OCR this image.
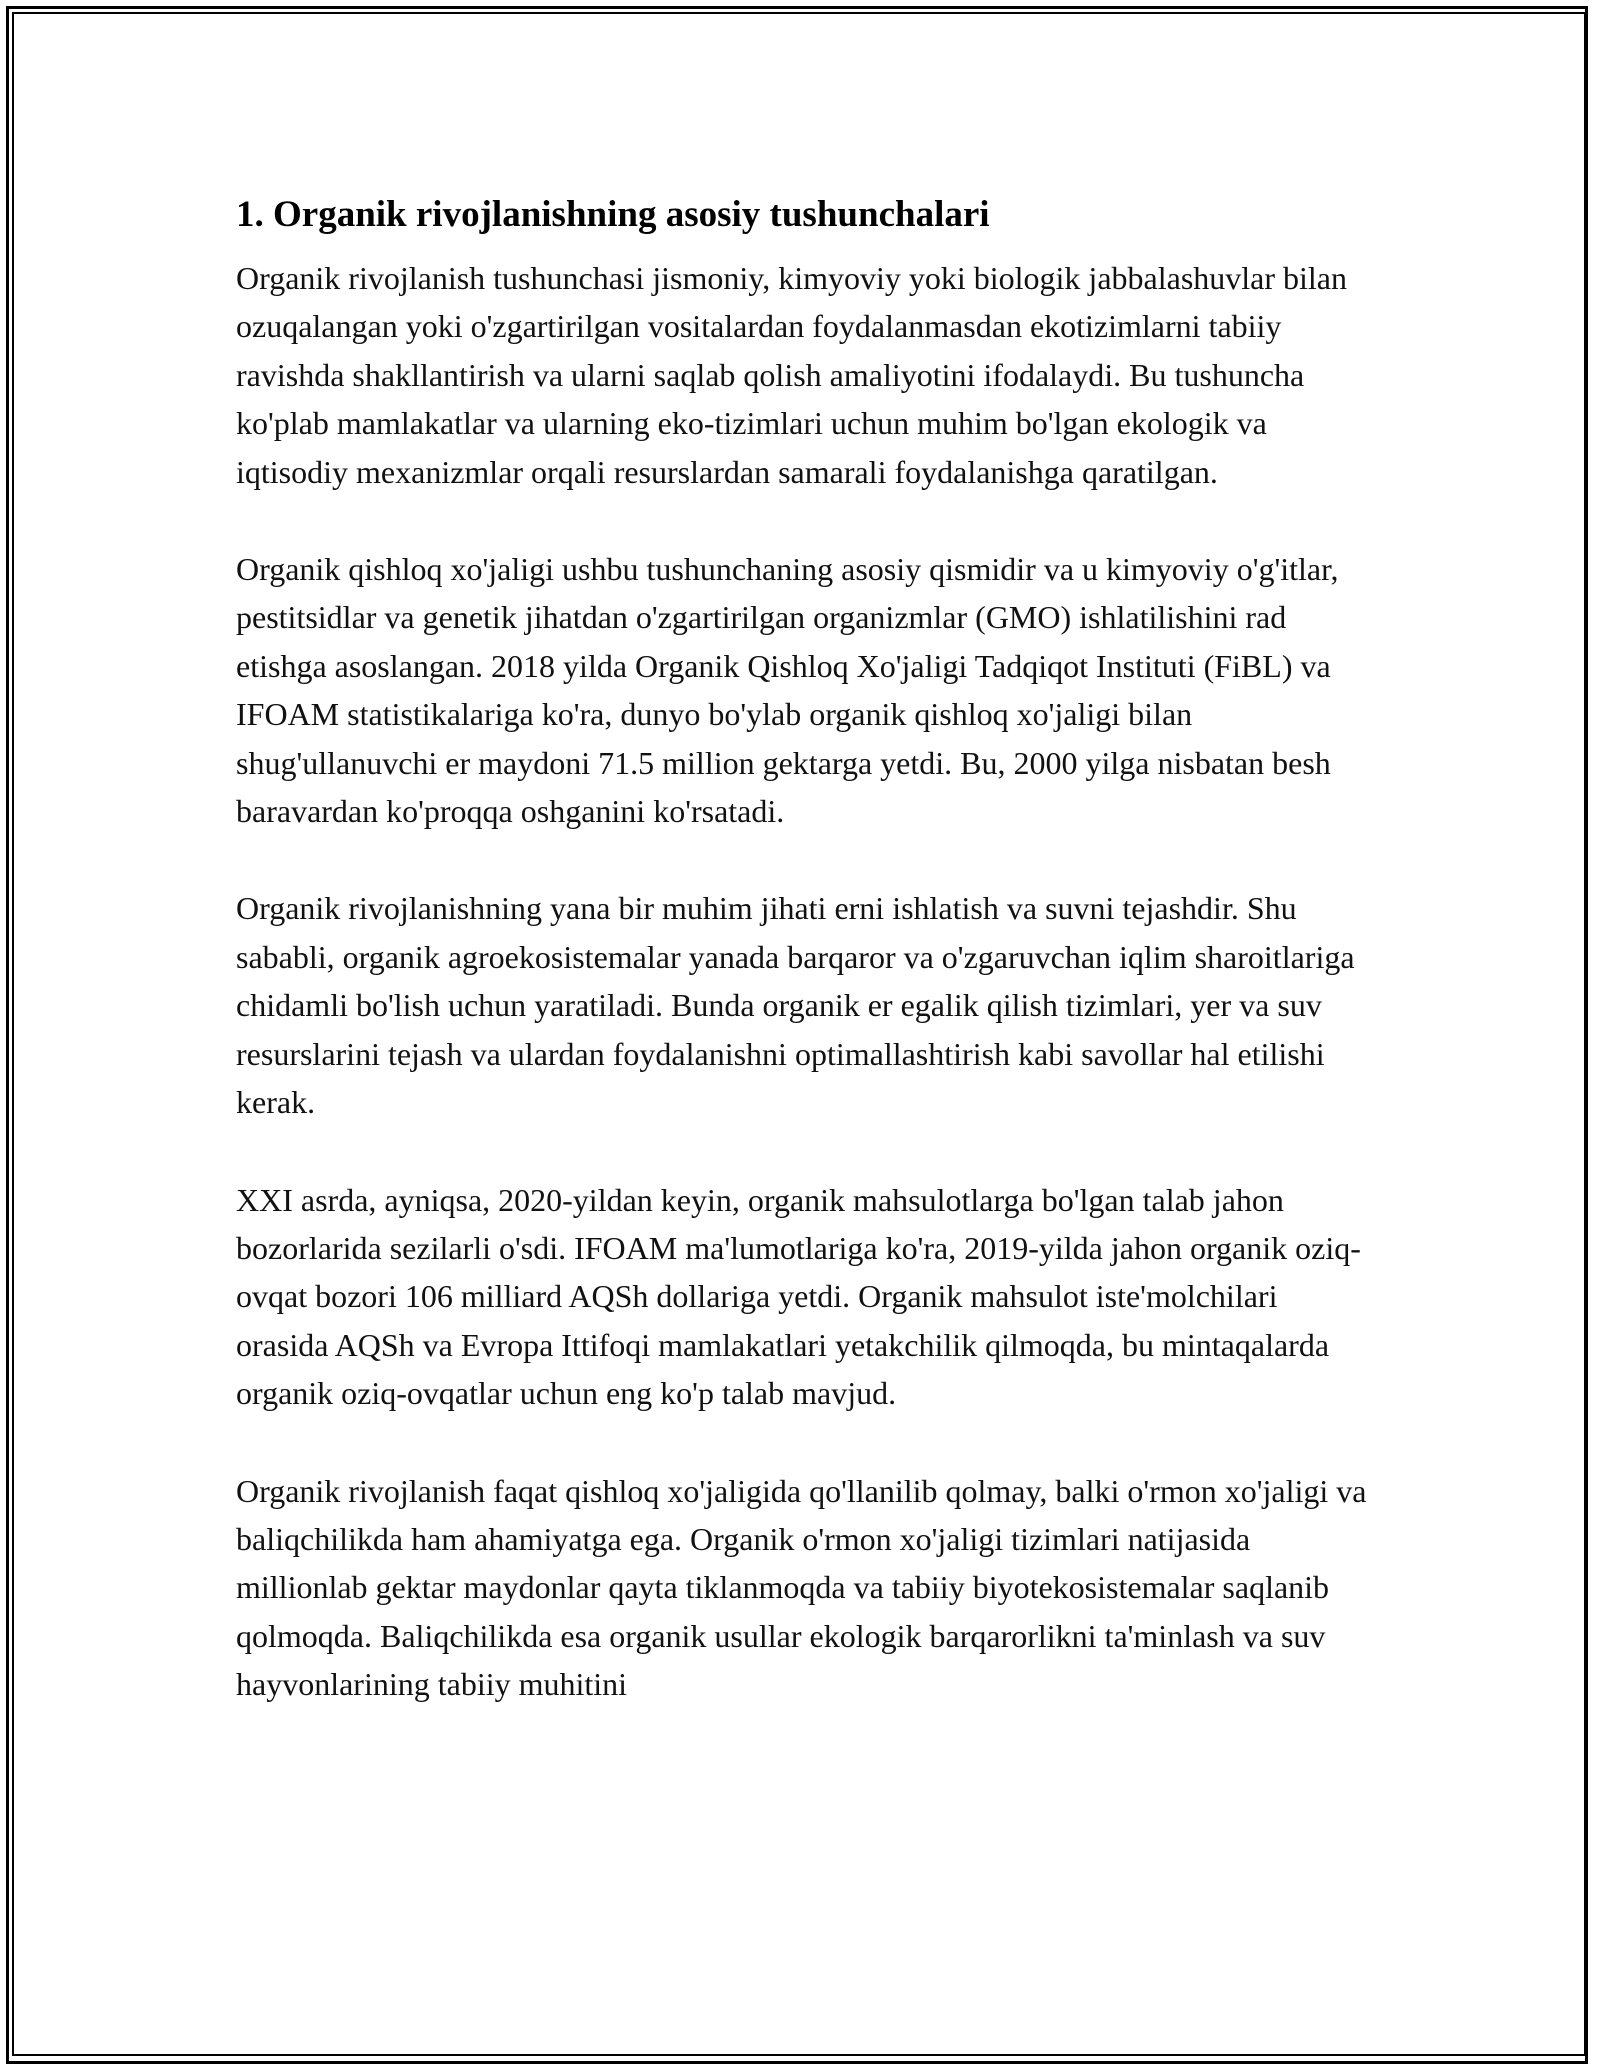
1. Organik rivojlanishning asosiy tushunchalari

Organik rivojlanish tushunchasi jismoniy, kimyoviy yoki biologik jabbalashuvlar bilan ozuqalangan yoki o'zgartirilgan vositalardan foydalanmasdan ekotizimlarni tabiiy ravishda shakllantirish va ularni saqlab qolish amaliyotini ifodalaydi. Bu tushuncha ko'plab mamlakatlar va ularning eko-tizimlari uchun muhim bo'lgan ekologik va iqtisodiy mexanizmlar orqali resurslardan samarali foydalanishga qaratilgan.

Organik qishloq xo'jaligi ushbu tushunchaning asosiy qismidir va u kimyoviy o'g'itlar, pestitsidlar va genetik jihatdan o'zgartirilgan organizmlar (GMO) ishlatilishini rad etishga asoslangan. 2018 yilda Organik Qishloq Xo'jaligi Tadqiqot Instituti (FiBL) va IFOAM statistikalariga ko'ra, dunyo bo'ylab organik qishloq xo'jaligi bilan shug'ullanuvchi er maydoni 71.5 million gektarga yetdi. Bu, 2000 yilga nisbatan besh baravardan ko'proqqa oshganini ko'rsatadi.

Organik rivojlanishning yana bir muhim jihati erni ishlatish va suvni tejashdir. Shu sababli, organik agroekosistemalar yanada barqaror va o'zgaruvchan iqlim sharoitlariga chidamli bo'lish uchun yaratiladi. Bunda organik er egalik qilish tizimlari, yer va suv resurslarini tejash va ulardan foydalanishni optimallashtirish kabi savollar hal etilishi kerak.

XXI asrda, ayniqsa, 2020-yildan keyin, organik mahsulotlarga bo'lgan talab jahon bozorlarida sezilarli o'sdi. IFOAM ma'lumotlariga ko'ra, 2019-yilda jahon organik oziq-ovqat bozori 106 milliard AQSh dollariga yetdi. Organik mahsulot iste'molchilari orasida AQSh va Evropa Ittifoqi mamlakatlari yetakchilik qilmoqda, bu mintaqalarda organik oziq-ovqatlar uchun eng ko'p talab mavjud.

Organik rivojlanish faqat qishloq xo'jaligida qo'llanilib qolmay, balki o'rmon xo'jaligi va baliqchilikda ham ahamiyatga ega. Organik o'rmon xo'jaligi tizimlari natijasida millionlab gektar maydonlar qayta tiklanmoqda va tabiiy biyotekosistemalar saqlanib qolmoqda. Baliqchilikda esa organik usullar ekologik barqarorlikni ta'minlash va suv hayvonlarining tabiiy muhitini
